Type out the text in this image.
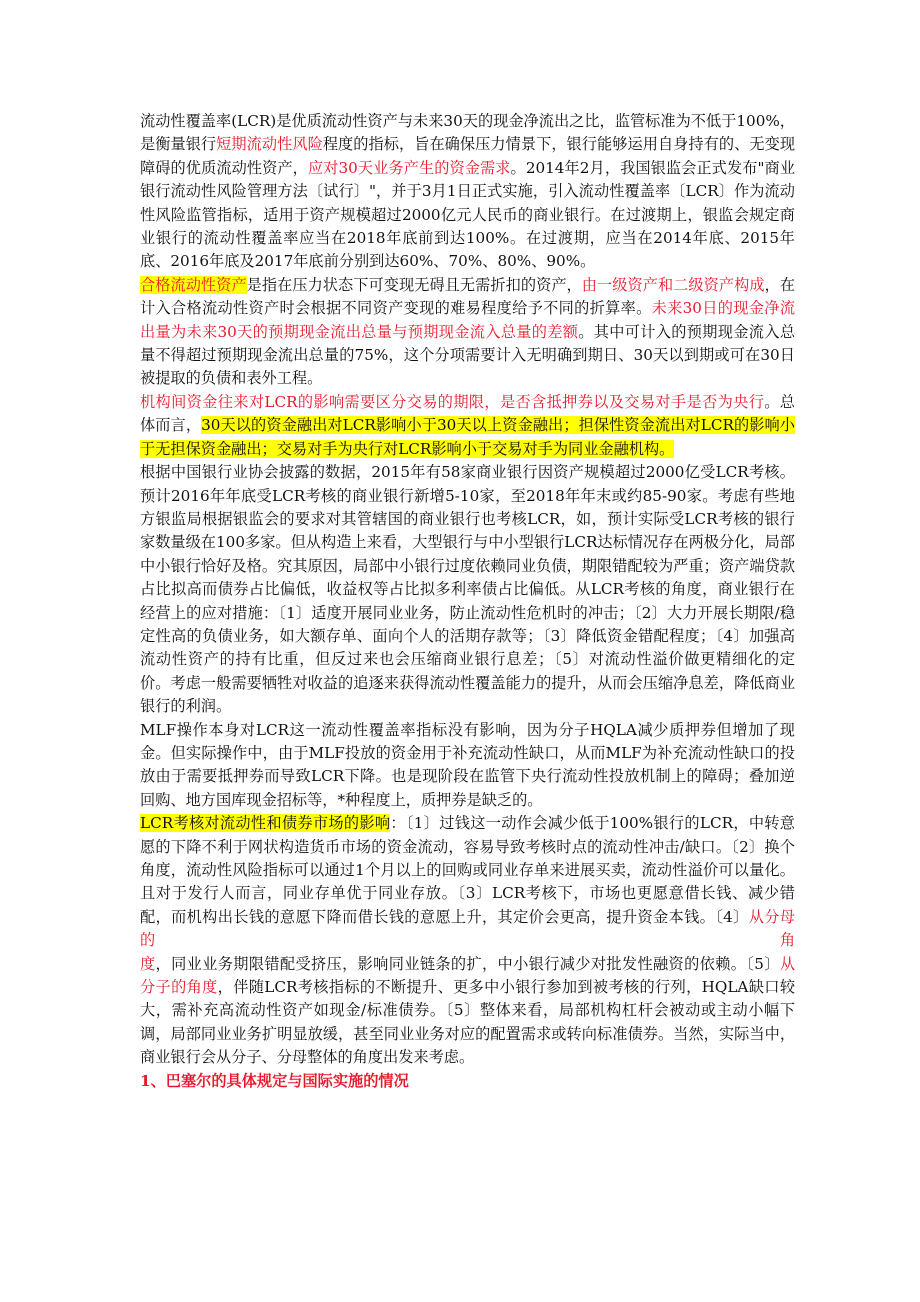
流动性覆盖率(LCR)是优质流动性资产与未来30天的现金净流出之比，监管标准为不低于100%，是衡量银行短期流动性风险程度的指标，旨在确保压力情景下，银行能够运用自身持有的、无变现障碍的优质流动性资产，应对30天业务产生的资金需求。2014年2月，我国银监会正式发布"商业银行流动性风险管理方法〔试行〕"，并于3月1日正式实施，引入流动性覆盖率〔LCR〕作为流动性风险监管指标，适用于资产规模超过2000亿元人民币的商业银行。在过渡期上，银监会规定商业银行的流动性覆盖率应当在2018年底前到达100%。在过渡期，应当在2014年底、2015年底、2016年底及2017年底前分别到达60%、70%、80%、90%。

合格流动性资产是指在压力状态下可变现无碍且无需折扣的资产，由一级资产和二级资产构成，在计入合格流动性资产时会根据不同资产变现的难易程度给予不同的折算率。未来30日的现金净流出量为未来30天的预期现金流出总量与预期现金流入总量的差额。其中可计入的预期现金流入总量不得超过预期现金流出总量的75%，这个分项需要计入无明确到期日、30天以到期或可在30日被提取的负债和表外工程。

机构间资金往来对LCR的影响需要区分交易的期限，是否含抵押券以及交易对手是否为央行。总体而言，30天以的资金融出对LCR影响小于30天以上资金融出；担保性资金流出对LCR的影响小于无担保资金融出；交易对手为央行对LCR影响小于交易对手为同业金融机构。

根据中国银行业协会披露的数据，2015年有58家商业银行因资产规模超过2000亿受LCR考核。预计2016年年底受LCR考核的商业银行新增5-10家，至2018年年末或约85-90家。考虑有些地方银监局根据银监会的要求对其管辖国的商业银行也考核LCR，如，预计实际受LCR考核的银行家数量级在100多家。但从构造上来看，大型银行与中小型银行LCR达标情况存在两极分化，局部中小银行恰好及格。究其原因，局部中小银行过度依赖同业负债，期限错配较为严重；资产端贷款占比拟高而债券占比偏低，收益权等占比拟多利率债占比偏低。从LCR考核的角度，商业银行在经营上的应对措施：〔1〕适度开展同业业务，防止流动性危机时的冲击；〔2〕大力开展长期限/稳定性高的负债业务，如大额存单、面向个人的活期存款等；〔3〕降低资金错配程度；〔4〕加强高流动性资产的持有比重，但反过来也会压缩商业银行息差；〔5〕对流动性溢价做更精细化的定价。考虑一般需要牺牲对收益的追逐来获得流动性覆盖能力的提升，从而会压缩净息差，降低商业银行的利润。

MLF操作本身对LCR这一流动性覆盖率指标没有影响，因为分子HQLA减少质押券但增加了现金。但实际操作中，由于MLF投放的资金用于补充流动性缺口，从而MLF为补充流动性缺口的投放由于需要抵押券而导致LCR下降。也是现阶段在监管下央行流动性投放机制上的障碍；叠加逆回购、地方国库现金招标等，*种程度上，质押券是缺乏的。

LCR考核对流动性和债券市场的影响：〔1〕过钱这一动作会减少低于100%银行的LCR，中转意愿的下降不利于网状构造货币市场的资金流动，容易导致考核时点的流动性冲击/缺口。〔2〕换个角度，流动性风险指标可以通过1个月以上的回购或同业存单来进展买卖，流动性溢价可以量化。且对于发行人而言，同业存单优于同业存放。〔3〕LCR考核下，市场也更愿意借长钱、减少错配，而机构出长钱的意愿下降而借长钱的意愿上升，其定价会更高，提升资金本钱。〔4〕从分母的角度，同业业务期限错配受挤压，影响同业链条的扩，中小银行减少对批发性融资的依赖。〔5〕从分子的角度，伴随LCR考核指标的不断提升、更多中小银行参加到被考核的行列，HQLA缺口较大，需补充高流动性资产如现金/标准债券。〔5〕整体来看，局部机构杠杆会被动或主动小幅下调，局部同业业务扩明显放缓，甚至同业业务对应的配置需求或转向标准债券。当然，实际当中，商业银行会从分子、分母整体的角度出发来考虑。

1、巴塞尔的具体规定与国际实施的情况
